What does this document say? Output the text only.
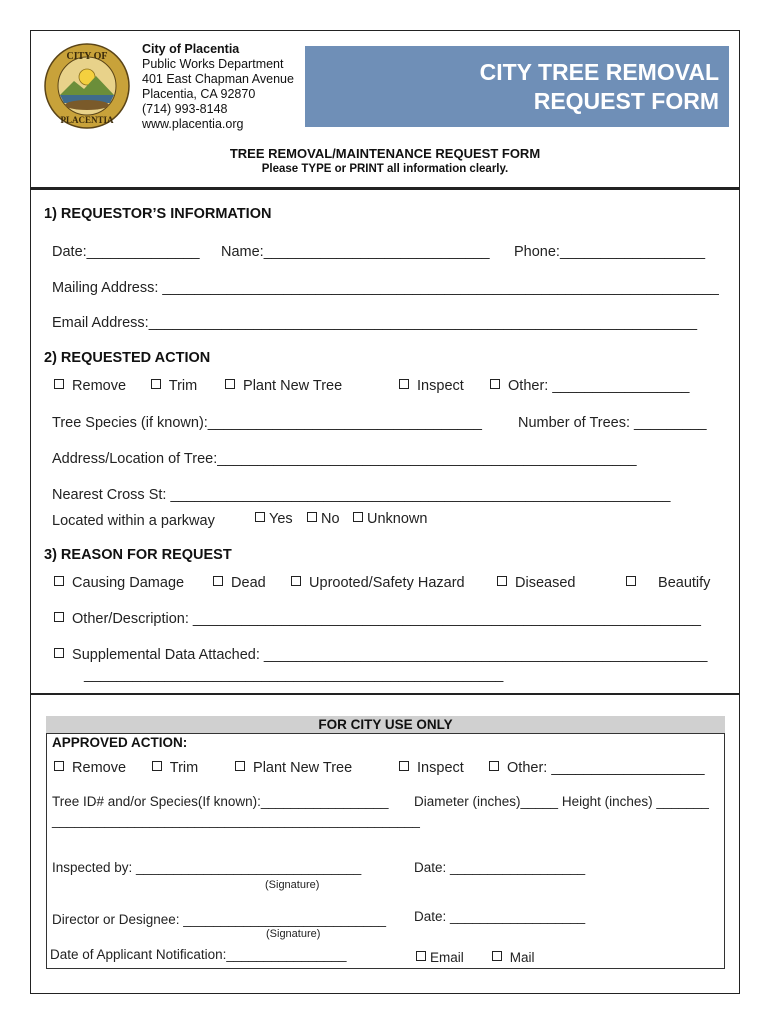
CITY OF
PLACENTIA
City of Placentia
Public Works Department
401 East Chapman Avenue
Placentia, CA 92870
(714) 993-8148
www.placentia.org
CITY TREE REMOVAL
REQUEST FORM
TREE REMOVAL/MAINTENANCE REQUEST FORM
Please TYPE or PRINT all information clearly.
1) REQUESTOR’S INFORMATION
Date:______________ Name:____________________________ Phone:__________________
Mailing Address: _____________________________________________________________________
Email Address:____________________________________________________________________
2) REQUESTED ACTION
Remove	Trim	Plant New Tree	Inspect	Other: _________________
Tree Species (if known):__________________________________ Number of Trees: _________
Address/Location of Tree:____________________________________________________
Nearest Cross St: ______________________________________________________________
Located within a parkway	Yes	No	Unknown
3) REASON FOR REQUEST
Causing Damage	Dead	Uprooted/Safety Hazard	Diseased	Beautify
Other/Description: _______________________________________________________________
Supplemental Data Attached: _______________________________________________________
____________________________________________________
FOR CITY USE ONLY
APPROVED ACTION:
Remove	Trim	Plant New Tree	Inspect	Other: ___________________
Tree ID# and/or Species(If known):_________________ Diameter (inches)_____ Height (inches) _______
_________________________________________________
Inspected by: ______________________________
(Signature)
Date: __________________
Director or Designee: ___________________________
(Signature)
Date: __________________
Date of Applicant Notification:________________	Email	Mail
